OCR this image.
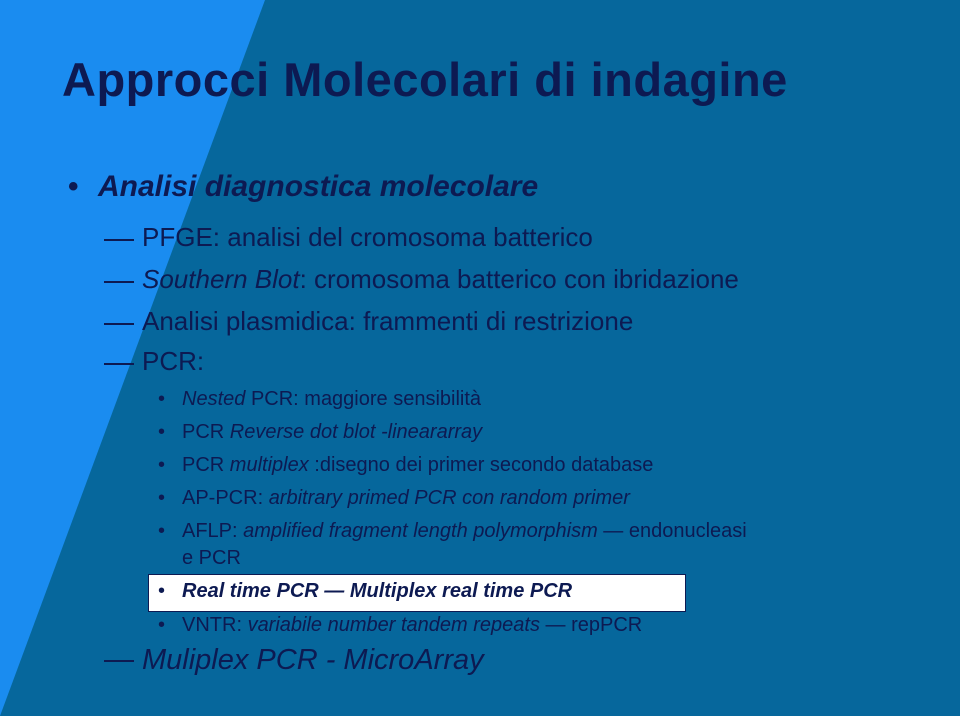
Approcci Molecolari di indagine
• Analisi diagnostica molecolare
PFGE: analisi del cromosoma batterico
Southern Blot: cromosoma batterico con ibridazione
Analisi plasmidica: frammenti di restrizione
PCR:
• Nested PCR: maggiore sensibilità
• PCR Reverse dot blot -lineararray
• PCR multiplex :disegno dei primer secondo database
• AP-PCR: arbitrary primed PCR con random primer
• AFLP: amplified fragment length polymorphism — endonucleasi
e PCR
• Real time PCR — Multiplex real time PCR
• VNTR: variabile number tandem repeats — repPCR
Muliplex PCR - MicroArray
